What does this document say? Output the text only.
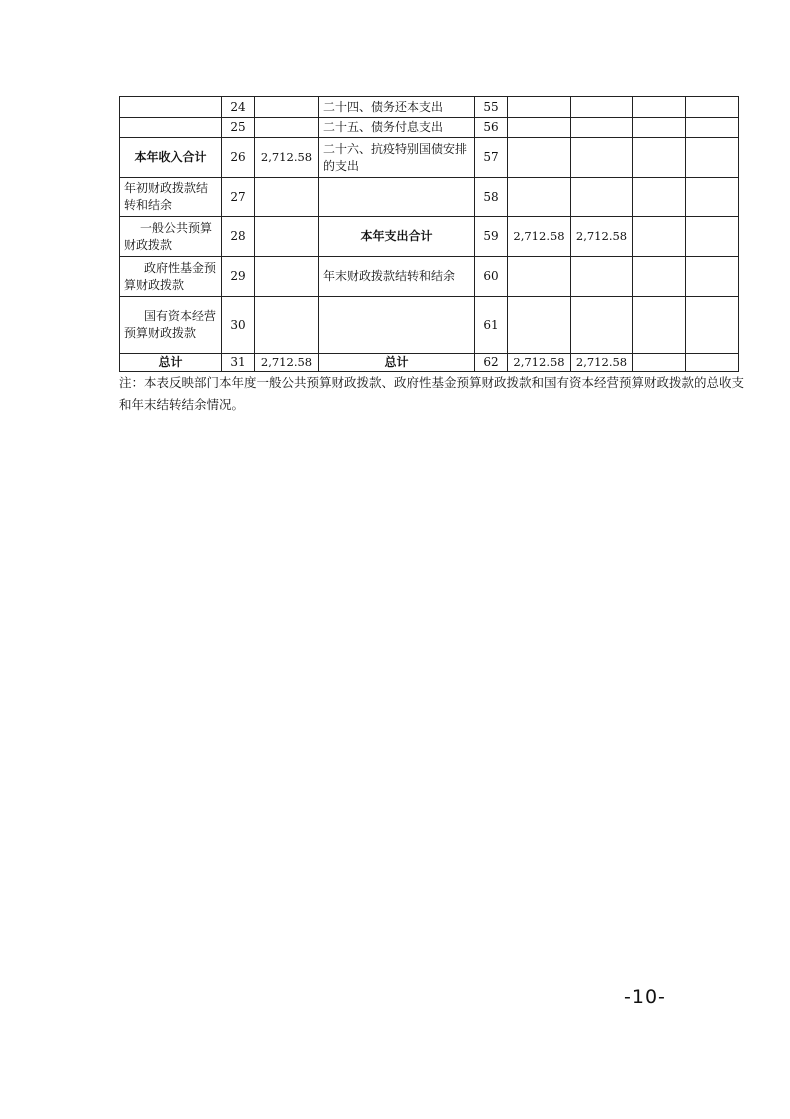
	24		二十四、债务还本支出	55				
	25		二十五、债务付息支出	56				
本年收入合计	26	2,712.58	二十六、抗疫特别国债安排的支出	57				
年初财政拨款结转和结余	27			58				
一般公共预算财政拨款	28		本年支出合计	59	2,712.58	2,712.58		
政府性基金预算财政拨款	29		年末财政拨款结转和结余	60				
国有资本经营预算财政拨款	30			61				
总计	31	2,712.58	总计	62	2,712.58	2,712.58		
注：本表反映部门本年度一般公共预算财政拨款、政府性基金预算财政拨款和国有资本经营预算财政拨款的总收支和年末结转结余情况。
-10-
